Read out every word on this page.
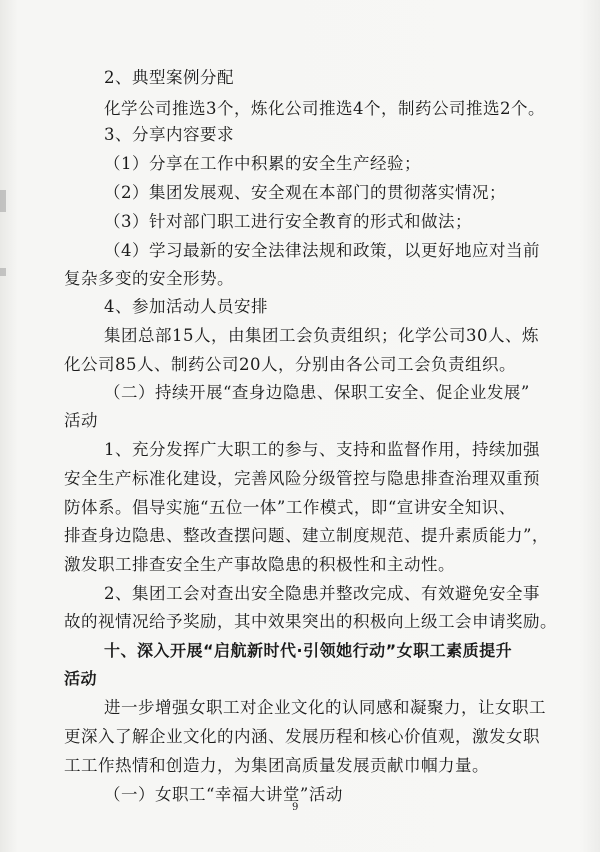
2、典型案例分配
化学公司推选3个，炼化公司推选4个，制药公司推选2个。
3、分享内容要求
（1）分享在工作中积累的安全生产经验；
（2）集团发展观、安全观在本部门的贯彻落实情况；
（3）针对部门职工进行安全教育的形式和做法；
（4）学习最新的安全法律法规和政策，以更好地应对当前
复杂多变的安全形势。
4、参加活动人员安排
集团总部15人，由集团工会负责组织；化学公司30人、炼
化公司85人、制药公司20人，分别由各公司工会负责组织。
（二）持续开展“查身边隐患、保职工安全、促企业发展”
活动
1、充分发挥广大职工的参与、支持和监督作用，持续加强
安全生产标准化建设，完善风险分级管控与隐患排查治理双重预
防体系。倡导实施“五位一体”工作模式，即“宣讲安全知识、
排查身边隐患、整改查摆问题、建立制度规范、提升素质能力”，
激发职工排查安全生产事故隐患的积极性和主动性。
2、集团工会对查出安全隐患并整改完成、有效避免安全事
故的视情况给予奖励，其中效果突出的积极向上级工会申请奖励。
十、深入开展“启航新时代·引领她行动”女职工素质提升
活动
进一步增强女职工对企业文化的认同感和凝聚力，让女职工
更深入了解企业文化的内涵、发展历程和核心价值观，激发女职
工工作热情和创造力，为集团高质量发展贡献巾帼力量。
（一）女职工“幸福大讲堂”活动
9
